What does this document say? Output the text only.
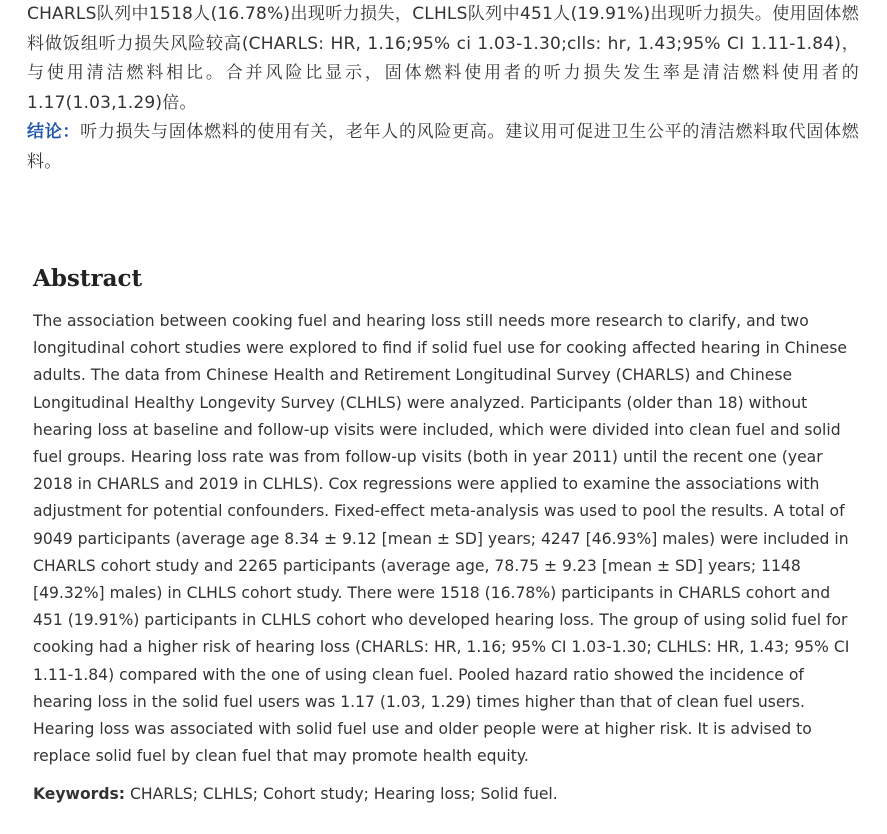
CHARLS队列中1518人(16.78%)出现听力损失，CLHLS队列中451人(19.91%)出现听力损失。使用固体燃料做饭组听力损失风险较高(CHARLS: HR, 1.16;95% ci 1.03-1.30;clls: hr, 1.43;95% CI 1.11-1.84)，与使用清洁燃料相比。合并风险比显示，固体燃料使用者的听力损失发生率是清洁燃料使用者的1.17(1.03,1.29)倍。

结论：听力损失与固体燃料的使用有关，老年人的风险更高。建议用可促进卫生公平的清洁燃料取代固体燃料。

Abstract

The association between cooking fuel and hearing loss still needs more research to clarify, and two longitudinal cohort studies were explored to find if solid fuel use for cooking affected hearing in Chinese adults. The data from Chinese Health and Retirement Longitudinal Survey (CHARLS) and Chinese Longitudinal Healthy Longevity Survey (CLHLS) were analyzed. Participants (older than 18) without hearing loss at baseline and follow-up visits were included, which were divided into clean fuel and solid fuel groups. Hearing loss rate was from follow-up visits (both in year 2011) until the recent one (year 2018 in CHARLS and 2019 in CLHLS). Cox regressions were applied to examine the associations with adjustment for potential confounders. Fixed-effect meta-analysis was used to pool the results. A total of 9049 participants (average age 8.34 ± 9.12 [mean ± SD] years; 4247 [46.93%] males) were included in CHARLS cohort study and 2265 participants (average age, 78.75 ± 9.23 [mean ± SD] years; 1148 [49.32%] males) in CLHLS cohort study. There were 1518 (16.78%) participants in CHARLS cohort and 451 (19.91%) participants in CLHLS cohort who developed hearing loss. The group of using solid fuel for cooking had a higher risk of hearing loss (CHARLS: HR, 1.16; 95% CI 1.03-1.30; CLHLS: HR, 1.43; 95% CI 1.11-1.84) compared with the one of using clean fuel. Pooled hazard ratio showed the incidence of hearing loss in the solid fuel users was 1.17 (1.03, 1.29) times higher than that of clean fuel users. Hearing loss was associated with solid fuel use and older people were at higher risk. It is advised to replace solid fuel by clean fuel that may promote health equity.

Keywords: CHARLS; CLHLS; Cohort study; Hearing loss; Solid fuel.
